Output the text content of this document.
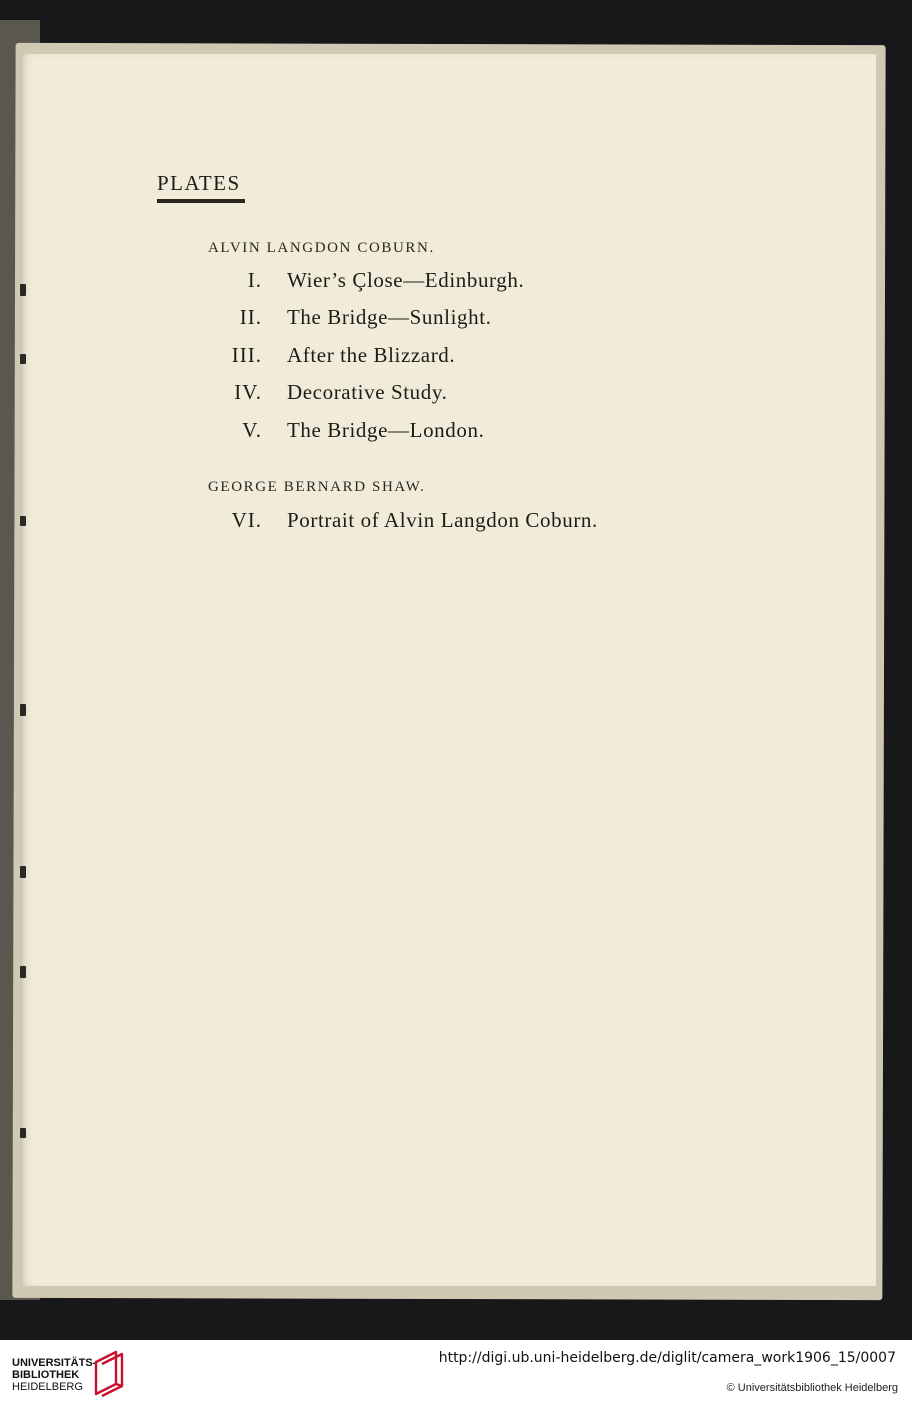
PLATES
ALVIN LANGDON COBURN.
I. Wier’s Çlose—Edinburgh.
II. The Bridge—Sunlight.
III. After the Blizzard.
IV. Decorative Study.
V. The Bridge—London.
GEORGE BERNARD SHAW.
VI. Portrait of Alvin Langdon Coburn.

UNIVERSITÄTS-

BIBLIOTHEK

HEIDELBERG

http://digi.ub.uni-heidelberg.de/diglit/camera_work1906_15/0007
© Universitätsbibliothek Heidelberg
